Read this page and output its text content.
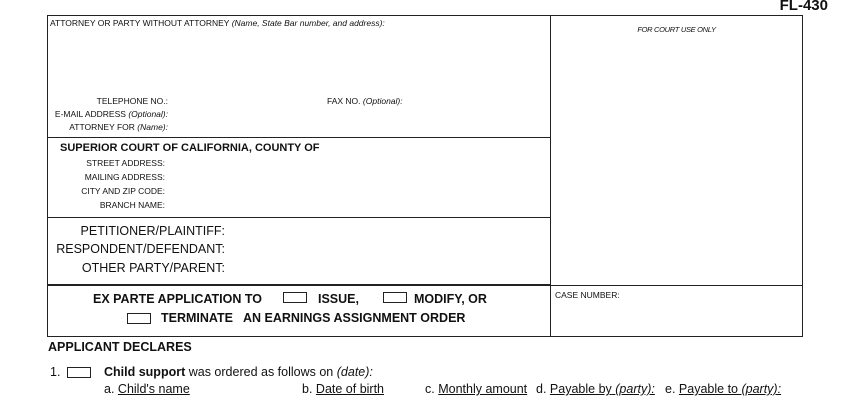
FL-430
ATTORNEY OR PARTY WITHOUT ATTORNEY (Name, State Bar number, and address):
TELEPHONE NO.:	FAX NO. (Optional):
E-MAIL ADDRESS (Optional):
ATTORNEY FOR (Name):
SUPERIOR COURT OF CALIFORNIA, COUNTY OF
STREET ADDRESS:
MAILING ADDRESS:
CITY AND ZIP CODE:
BRANCH NAME:
PETITIONER/PLAINTIFF:
RESPONDENT/DEFENDANT:
OTHER PARTY/PARENT:
FOR COURT USE ONLY
EX PARTE APPLICATION TO	ISSUE,	MODIFY, OR
TERMINATE AN EARNINGS ASSIGNMENT ORDER
CASE NUMBER:
APPLICANT DECLARES
1.	Child support was ordered as follows on (date):
a. Child's name	b. Date of birth	c. Monthly amount d. Payable by (party): e. Payable to (party):
